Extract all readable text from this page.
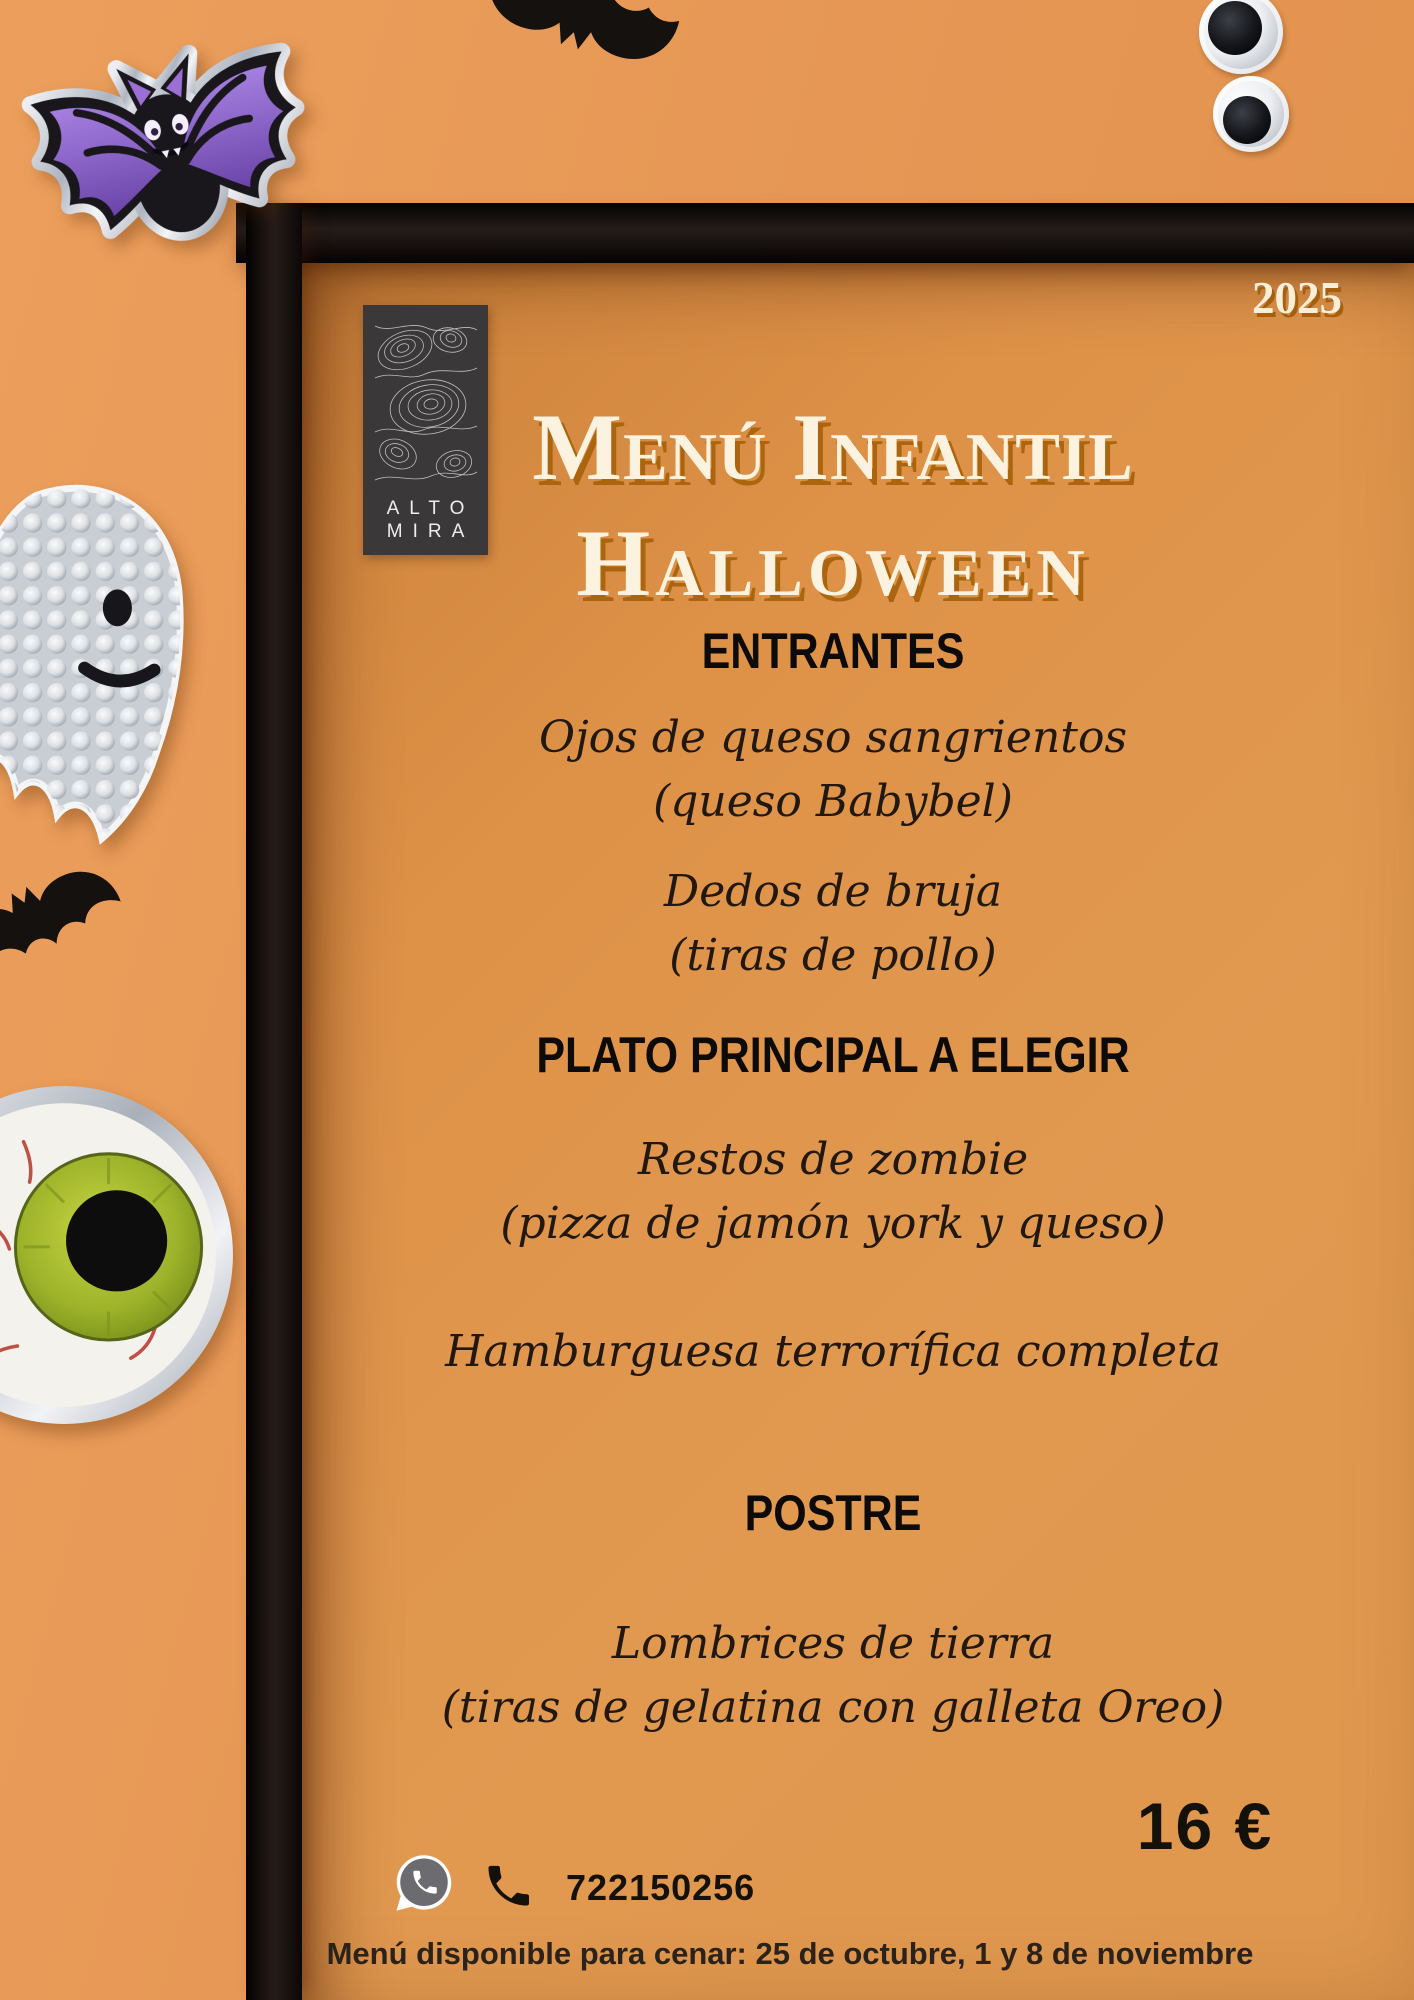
ALTO
MIRA
2025
Menú Infantil
Halloween
ENTRANTES
Ojos de queso sangrientos
(queso Babybel)
Dedos de bruja
(tiras de pollo)
PLATO PRINCIPAL A ELEGIR
Restos de zombie
(pizza de jamón york y queso)
Hamburguesa terrorífica completa
POSTRE
Lombrices de tierra
(tiras de gelatina con galleta Oreo)
16 €
722150256
Menú disponible para cenar: 25 de octubre, 1 y 8 de noviembre
